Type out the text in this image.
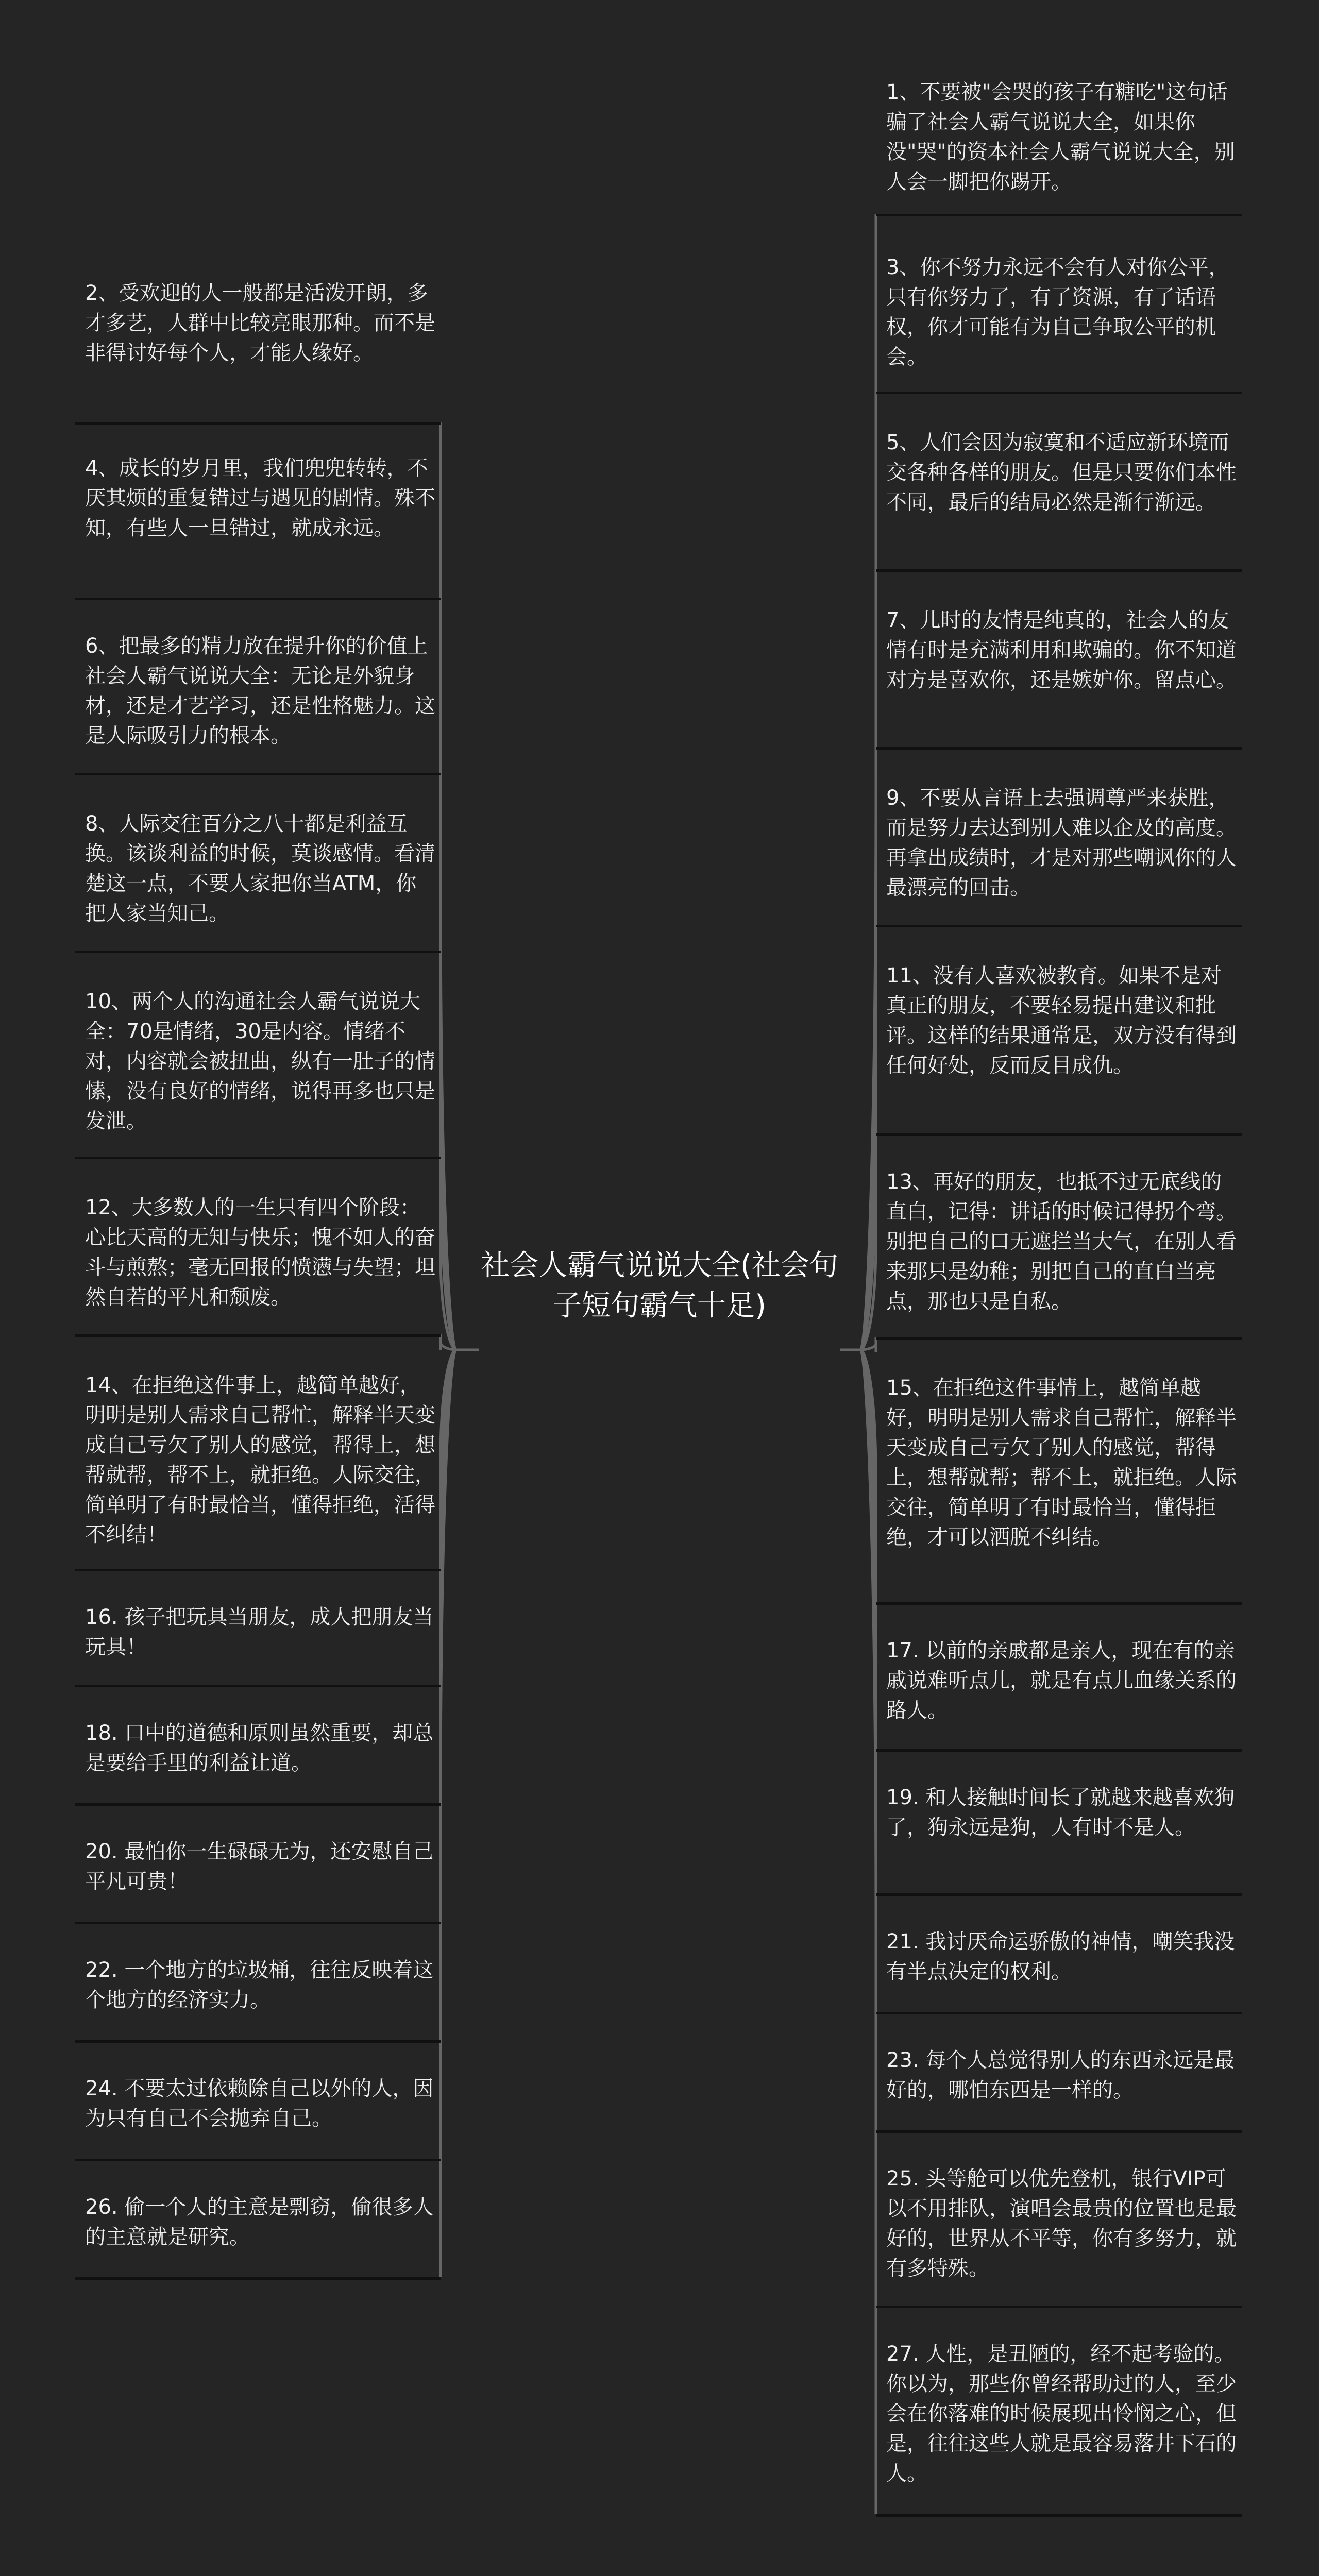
社会人霸气说说大全(社会句子短句霸气十足)
2、受欢迎的人一般都是活泼开朗，多才多艺，人群中比较亮眼那种。而不是非得讨好每个人，才能人缘好。
4、成长的岁月里，我们兜兜转转，不厌其烦的重复错过与遇见的剧情。殊不知，有些人一旦错过，就成永远。
6、把最多的精力放在提升你的价值上社会人霸气说说大全：无论是外貌身材，还是才艺学习，还是性格魅力。这是人际吸引力的根本。
8、人际交往百分之八十都是利益互换。该谈利益的时候，莫谈感情。看清楚这一点，不要人家把你当ATM，你把人家当知己。
10、两个人的沟通社会人霸气说说大全：70是情绪，30是内容。情绪不对，内容就会被扭曲，纵有一肚子的情愫，没有良好的情绪，说得再多也只是发泄。
12、大多数人的一生只有四个阶段：心比天高的无知与快乐；愧不如人的奋斗与煎熬；毫无回报的愤懑与失望；坦然自若的平凡和颓废。
14、在拒绝这件事上，越简单越好，明明是别人需求自己帮忙，解释半天变成自己亏欠了别人的感觉，帮得上，想帮就帮，帮不上，就拒绝。人际交往，简单明了有时最恰当，懂得拒绝，活得不纠结！
16. 孩子把玩具当朋友，成人把朋友当玩具！
18. 口中的道德和原则虽然重要，却总是要给手里的利益让道。
20. 最怕你一生碌碌无为，还安慰自己平凡可贵！
22. 一个地方的垃圾桶，往往反映着这个地方的经济实力。
24. 不要太过依赖除自己以外的人，因为只有自己不会抛弃自己。
26. 偷一个人的主意是剽窃，偷很多人的主意就是研究。
1、不要被"会哭的孩子有糖吃"这句话骗了社会人霸气说说大全，如果你没"哭"的资本社会人霸气说说大全，别人会一脚把你踢开。
3、你不努力永远不会有人对你公平，只有你努力了，有了资源，有了话语权，你才可能有为自己争取公平的机会。
5、人们会因为寂寞和不适应新环境而交各种各样的朋友。但是只要你们本性不同，最后的结局必然是渐行渐远。
7、儿时的友情是纯真的，社会人的友情有时是充满利用和欺骗的。你不知道对方是喜欢你，还是嫉妒你。留点心。
9、不要从言语上去强调尊严来获胜，而是努力去达到别人难以企及的高度。再拿出成绩时，才是对那些嘲讽你的人最漂亮的回击。
11、没有人喜欢被教育。如果不是对真正的朋友，不要轻易提出建议和批评。这样的结果通常是，双方没有得到任何好处，反而反目成仇。
13、再好的朋友，也抵不过无底线的直白，记得：讲话的时候记得拐个弯。别把自己的口无遮拦当大气，在别人看来那只是幼稚；别把自己的直白当亮点，那也只是自私。
15、在拒绝这件事情上，越简单越好，明明是别人需求自己帮忙，解释半天变成自己亏欠了别人的感觉，帮得上，想帮就帮；帮不上，就拒绝。人际交往，简单明了有时最恰当，懂得拒绝，才可以洒脱不纠结。
17. 以前的亲戚都是亲人，现在有的亲戚说难听点儿，就是有点儿血缘关系的路人。
19. 和人接触时间长了就越来越喜欢狗了，狗永远是狗，人有时不是人。
21. 我讨厌命运骄傲的神情，嘲笑我没有半点决定的权利。
23. 每个人总觉得别人的东西永远是最好的，哪怕东西是一样的。
25. 头等舱可以优先登机，银行VIP可以不用排队，演唱会最贵的位置也是最好的，世界从不平等，你有多努力，就有多特殊。
27. 人性，是丑陋的，经不起考验的。你以为，那些你曾经帮助过的人，至少会在你落难的时候展现出怜悯之心，但是，往往这些人就是最容易落井下石的人。
